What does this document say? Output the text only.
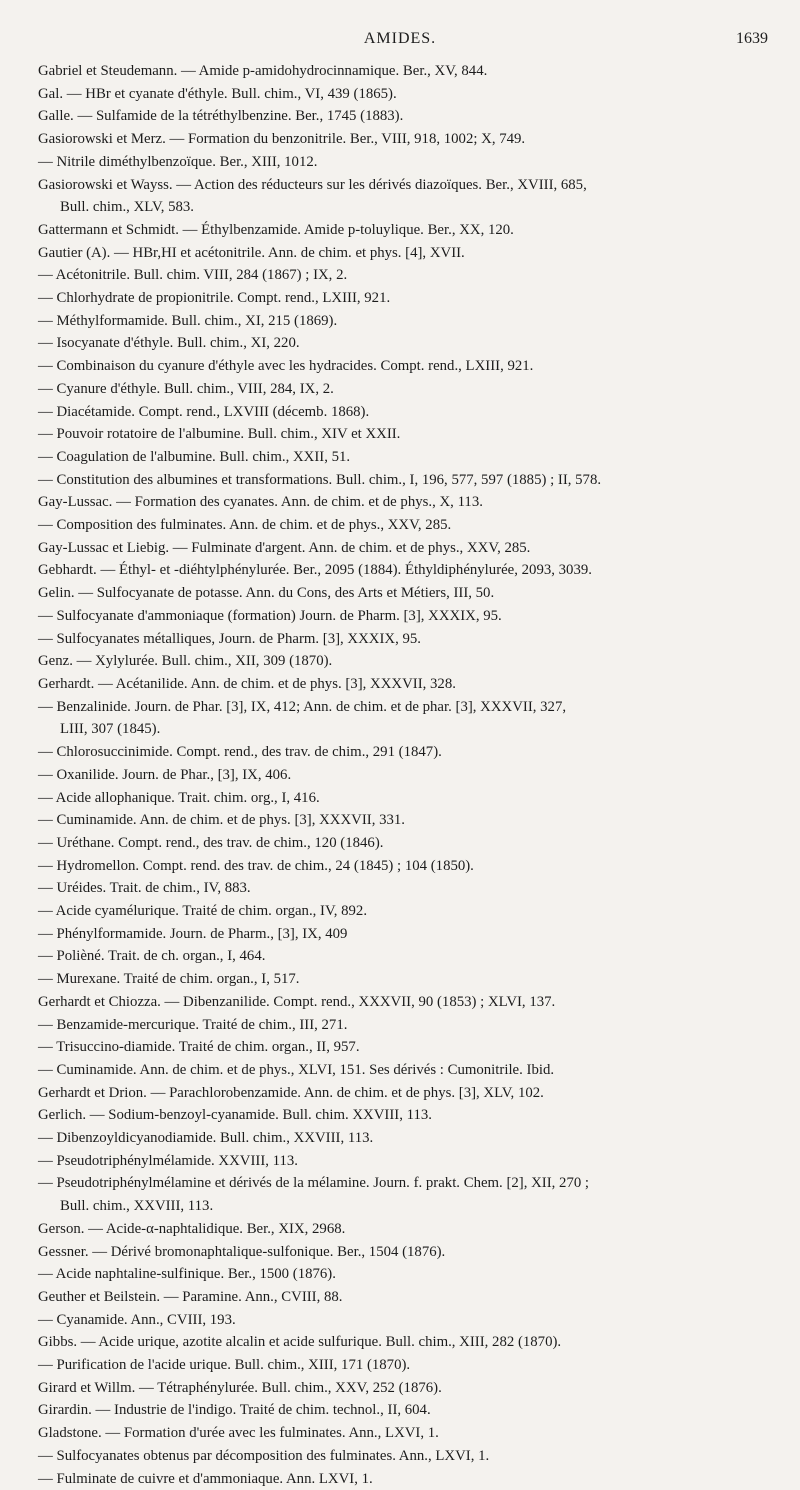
AMIDES.	1639
Gabriel et Steudemann. — Amide p-amidohydrocinnamique. Ber., XV, 844.
Gal. — HBr et cyanate d'éthyle. Bull. chim., VI, 439 (1865).
Galle. — Sulfamide de la tétréthylbenzine. Ber., 1745 (1883).
Gasiorowski et Merz. — Formation du benzonitrile. Ber., VIII, 918, 1002; X, 749.
— Nitrile diméthylbenzoïque. Ber., XIII, 1012.
Gasiorowski et Wayss. — Action des réducteurs sur les dérivés diazoïques. Ber., XVIII, 685,
Bull. chim., XLV, 583.
Gattermann et Schmidt. — Éthylbenzamide. Amide p-toluylique. Ber., XX, 120.
Gautier (A). — HBr,HI et acétonitrile. Ann. de chim. et phys. [4], XVII.
— Acétonitrile. Bull. chim. VIII, 284 (1867) ; IX, 2.
— Chlorhydrate de propionitrile. Compt. rend., LXIII, 921.
— Méthylformamide. Bull. chim., XI, 215 (1869).
— Isocyanate d'éthyle. Bull. chim., XI, 220.
— Combinaison du cyanure d'éthyle avec les hydracides. Compt. rend., LXIII, 921.
— Cyanure d'éthyle. Bull. chim., VIII, 284, IX, 2.
— Diacétamide. Compt. rend., LXVIII (décemb. 1868).
— Pouvoir rotatoire de l'albumine. Bull. chim., XIV et XXII.
— Coagulation de l'albumine. Bull. chim., XXII, 51.
— Constitution des albumines et transformations. Bull. chim., I, 196, 577, 597 (1885) ; II, 578.
Gay-Lussac. — Formation des cyanates. Ann. de chim. et de phys., X, 113.
— Composition des fulminates. Ann. de chim. et de phys., XXV, 285.
Gay-Lussac et Liebig. — Fulminate d'argent. Ann. de chim. et de phys., XXV, 285.
Gebhardt. — Éthyl- et -diéhtylphénylurée. Ber., 2095 (1884). Éthyldiphénylurée, 2093, 3039.
Gelin. — Sulfocyanate de potasse. Ann. du Cons, des Arts et Métiers, III, 50.
— Sulfocyanate d'ammoniaque (formation) Journ. de Pharm. [3], XXXIX, 95.
— Sulfocyanates métalliques, Journ. de Pharm. [3], XXXIX, 95.
Genz. — Xylylurée. Bull. chim., XII, 309 (1870).
Gerhardt. — Acétanilide. Ann. de chim. et de phys. [3], XXXVII, 328.
— Benzalinide. Journ. de Phar. [3], IX, 412; Ann. de chim. et de phar. [3], XXXVII, 327,
LIII, 307 (1845).
— Chlorosuccinimide. Compt. rend., des trav. de chim., 291 (1847).
— Oxanilide. Journ. de Phar., [3], IX, 406.
— Acide allophanique. Trait. chim. org., I, 416.
— Cuminamide. Ann. de chim. et de phys. [3], XXXVII, 331.
— Uréthane. Compt. rend., des trav. de chim., 120 (1846).
— Hydromellon. Compt. rend. des trav. de chim., 24 (1845) ; 104 (1850).
— Uréides. Trait. de chim., IV, 883.
— Acide cyamélurique. Traité de chim. organ., IV, 892.
— Phénylformamide. Journ. de Pharm., [3], IX, 409
— Polièné. Trait. de ch. organ., I, 464.
— Murexane. Traité de chim. organ., I, 517.
Gerhardt et Chiozza. — Dibenzanilide. Compt. rend., XXXVII, 90 (1853) ; XLVI, 137.
— Benzamide-mercurique. Traité de chim., III, 271.
— Trisuccino-diamide. Traité de chim. organ., II, 957.
— Cuminamide. Ann. de chim. et de phys., XLVI, 151. Ses dérivés : Cumonitrile. Ibid.
Gerhardt et Drion. — Parachlorobenzamide. Ann. de chim. et de phys. [3], XLV, 102.
Gerlich. — Sodium-benzoyl-cyanamide. Bull. chim. XXVIII, 113.
— Dibenzoyldicyanodiamide. Bull. chim., XXVIII, 113.
— Pseudotriphénylmélamide. XXVIII, 113.
— Pseudotriphénylmélamine et dérivés de la mélamine. Journ. f. prakt. Chem. [2], XII, 270 ;
Bull. chim., XXVIII, 113.
Gerson. — Acide-α-naphtalidique. Ber., XIX, 2968.
Gessner. — Dérivé bromonaphtalique-sulfonique. Ber., 1504 (1876).
— Acide naphtaline-sulfinique. Ber., 1500 (1876).
Geuther et Beilstein. — Paramine. Ann., CVIII, 88.
— Cyanamide. Ann., CVIII, 193.
Gibbs. — Acide urique, azotite alcalin et acide sulfurique. Bull. chim., XIII, 282 (1870).
— Purification de l'acide urique. Bull. chim., XIII, 171 (1870).
Girard et Willm. — Tétraphénylurée. Bull. chim., XXV, 252 (1876).
Girardin. — Industrie de l'indigo. Traité de chim. technol., II, 604.
Gladstone. — Formation d'urée avec les fulminates. Ann., LXVI, 1.
— Sulfocyanates obtenus par décomposition des fulminates. Ann., LXVI, 1.
— Fulminate de cuivre et d'ammoniaque. Ann. LXVI, 1.
